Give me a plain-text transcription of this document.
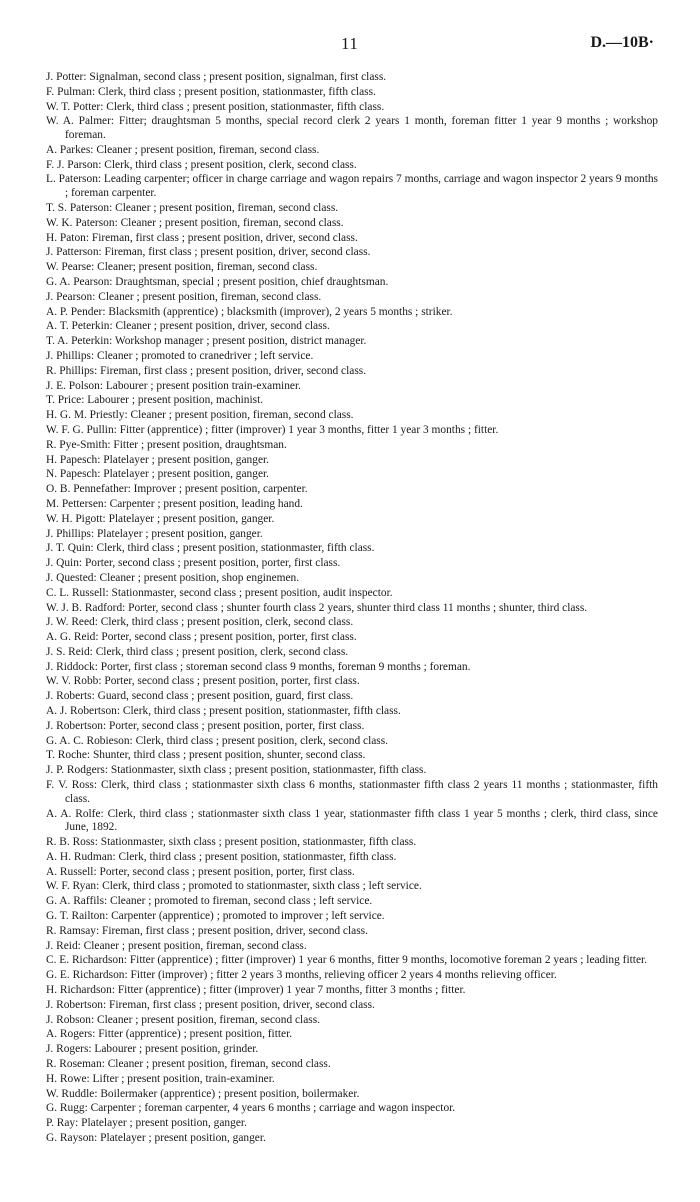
11	D.—10B·

J. Potter: Signalman, second class ; present position, signalman, first class.

F. Pulman: Clerk, third class ; present position, stationmaster, fifth class.

W. T. Potter: Clerk, third class ; present position, stationmaster, fifth class.

W. A. Palmer: Fitter; draughtsman 5 months, special record clerk 2 years 1 month, foreman fitter 1 year 9 months ; workshop foreman.

A. Parkes: Cleaner ; present position, fireman, second class.

F. J. Parson: Clerk, third class ; present position, clerk, second class.

L. Paterson: Leading carpenter; officer in charge carriage and wagon repairs 7 months, carriage and wagon inspector 2 years 9 months ; foreman carpenter.

T. S. Paterson: Cleaner ; present position, fireman, second class.

W. K. Paterson: Cleaner ; present position, fireman, second class.

H. Paton: Fireman, first class ; present position, driver, second class.

J. Patterson: Fireman, first class ; present position, driver, second class.

W. Pearse: Cleaner; present position, fireman, second class.

G. A. Pearson: Draughtsman, special ; present position, chief draughtsman.

J. Pearson: Cleaner ; present position, fireman, second class.

A. P. Pender: Blacksmith (apprentice) ; blacksmith (improver), 2 years 5 months ; striker.

A. T. Peterkin: Cleaner ; present position, driver, second class.

T. A. Peterkin: Workshop manager ; present position, district manager.

J. Phillips: Cleaner ; promoted to cranedriver ; left service.

R. Phillips: Fireman, first class ; present position, driver, second class.

J. E. Polson: Labourer ; present position train-examiner.

T. Price: Labourer ; present position, machinist.

H. G. M. Priestly: Cleaner ; present position, fireman, second class.

W. F. G. Pullin: Fitter (apprentice) ; fitter (improver) 1 year 3 months, fitter 1 year 3 months ; fitter.

R. Pye-Smith: Fitter ; present position, draughtsman.

H. Papesch: Platelayer ; present position, ganger.

N. Papesch: Platelayer ; present position, ganger.

O. B. Pennefather: Improver ; present position, carpenter.

M. Pettersen: Carpenter ; present position, leading hand.

W. H. Pigott: Platelayer ; present position, ganger.

J. Phillips: Platelayer ; present position, ganger.

J. T. Quin: Clerk, third class ; present position, stationmaster, fifth class.

J. Quin: Porter, second class ; present position, porter, first class.

J. Quested: Cleaner ; present position, shop enginemen.

C. L. Russell: Stationmaster, second class ; present position, audit inspector.

W. J. B. Radford: Porter, second class ; shunter fourth class 2 years, shunter third class 11 months ; shunter, third class.

J. W. Reed: Clerk, third class ; present position, clerk, second class.

A. G. Reid: Porter, second class ; present position, porter, first class.

J. S. Reid: Clerk, third class ; present position, clerk, second class.

J. Riddock: Porter, first class ; storeman second class 9 months, foreman 9 months ; foreman.

W. V. Robb: Porter, second class ; present position, porter, first class.

J. Roberts: Guard, second class ; present position, guard, first class.

A. J. Robertson: Clerk, third class ; present position, stationmaster, fifth class.

J. Robertson: Porter, second class ; present position, porter, first class.

G. A. C. Robieson: Clerk, third class ; present position, clerk, second class.

T. Roche: Shunter, third class ; present position, shunter, second class.

J. P. Rodgers: Stationmaster, sixth class ; present position, stationmaster, fifth class.

F. V. Ross: Clerk, third class ; stationmaster sixth class 6 months, stationmaster fifth class 2 years 11 months ; stationmaster, fifth class.

A. A. Rolfe: Clerk, third class ; stationmaster sixth class 1 year, stationmaster fifth class 1 year 5 months ; clerk, third class, since June, 1892.

R. B. Ross: Stationmaster, sixth class ; present position, stationmaster, fifth class.

A. H. Rudman: Clerk, third class ; present position, stationmaster, fifth class.

A. Russell: Porter, second class ; present position, porter, first class.

W. F. Ryan: Clerk, third class ; promoted to stationmaster, sixth class ; left service.

G. A. Raffils: Cleaner ; promoted to fireman, second class ; left service.

G. T. Railton: Carpenter (apprentice) ; promoted to improver ; left service.

R. Ramsay: Fireman, first class ; present position, driver, second class.

J. Reid: Cleaner ; present position, fireman, second class.

C. E. Richardson: Fitter (apprentice) ; fitter (improver) 1 year 6 months, fitter 9 months, locomotive foreman 2 years ; leading fitter.

G. E. Richardson: Fitter (improver) ; fitter 2 years 3 months, relieving officer 2 years 4 months relieving officer.

H. Richardson: Fitter (apprentice) ; fitter (improver) 1 year 7 months, fitter 3 months ; fitter.

J. Robertson: Fireman, first class ; present position, driver, second class.

J. Robson: Cleaner ; present position, fireman, second class.

A. Rogers: Fitter (apprentice) ; present position, fitter.

J. Rogers: Labourer ; present position, grinder.

R. Roseman: Cleaner ; present position, fireman, second class.

H. Rowe: Lifter ; present position, train-examiner.

W. Ruddle: Boilermaker (apprentice) ; present position, boilermaker.

G. Rugg: Carpenter ; foreman carpenter, 4 years 6 months ; carriage and wagon inspector.

P. Ray: Platelayer ; present position, ganger.

G. Rayson: Platelayer ; present position, ganger.
